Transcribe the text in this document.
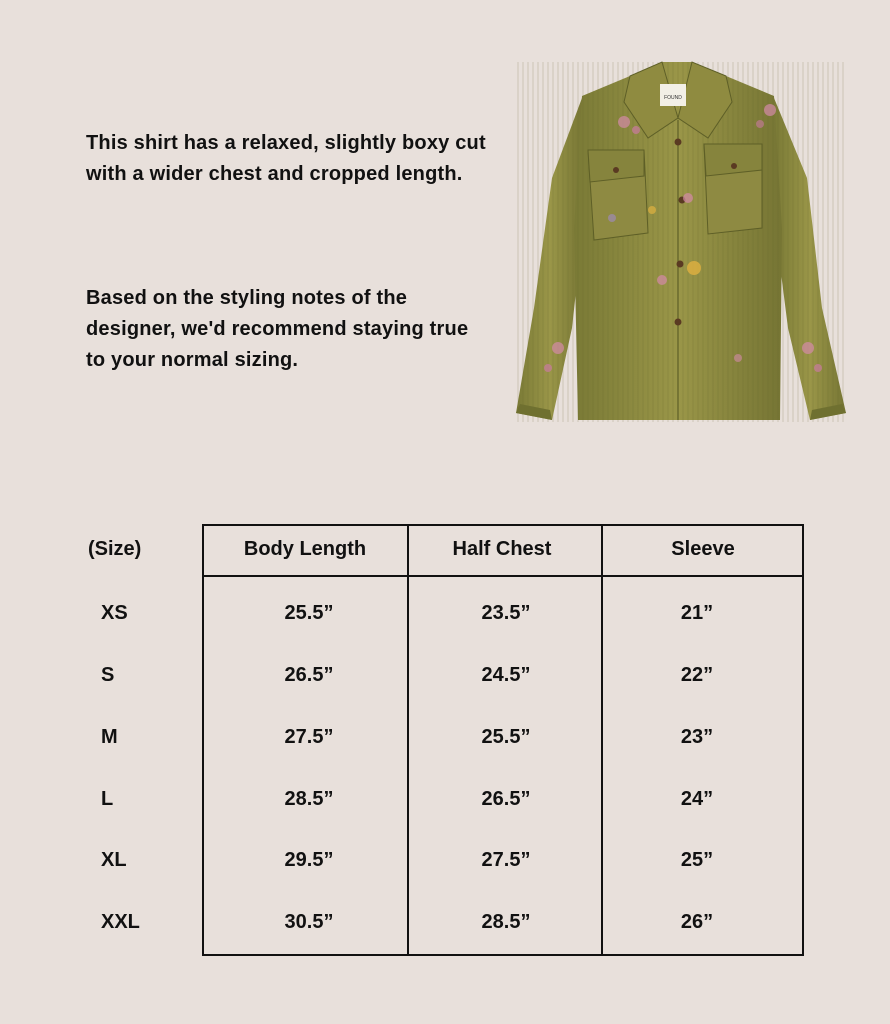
This shirt has a relaxed, slightly boxy cut with a wider chest and cropped length.
Based on the styling notes of the designer, we'd recommend staying true to your normal sizing.
FOUND
(Size)	Body Length	Half Chest	Sleeve
XS	25.5”	23.5”	21”
S	26.5”	24.5”	22”
M	27.5”	25.5”	23”
L	28.5”	26.5”	24”
XL	29.5”	27.5”	25”
XXL	30.5”	28.5”	26”
